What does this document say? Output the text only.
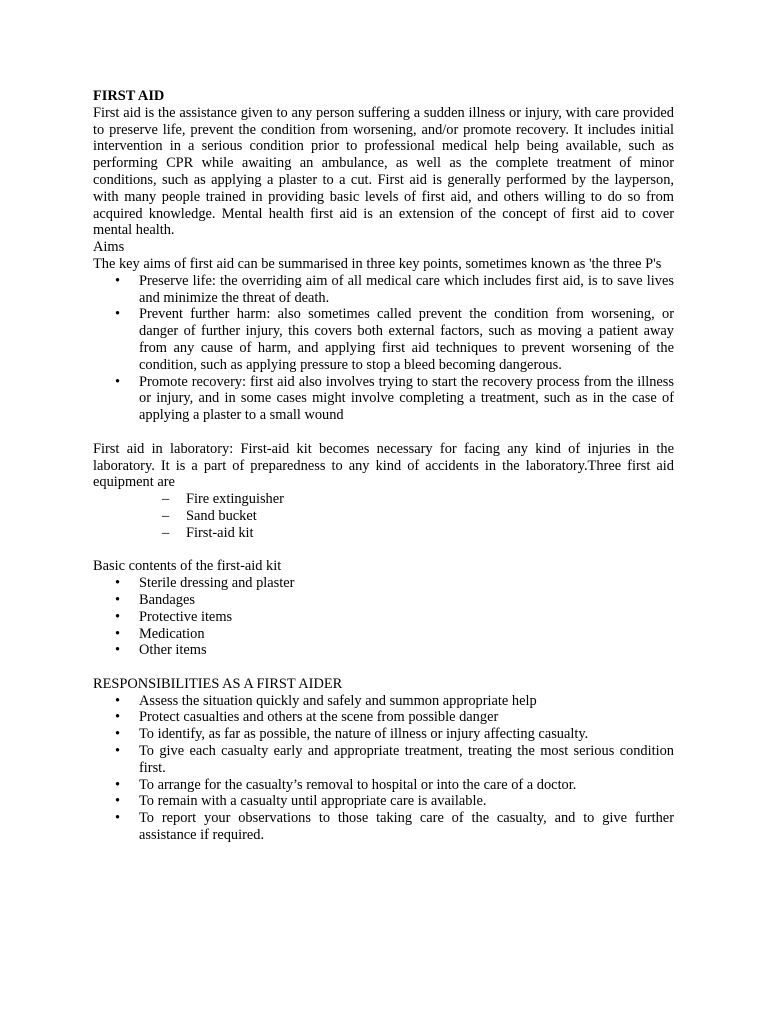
FIRST AID

First aid is the assistance given to any person suffering a sudden illness or injury, with care provided to preserve life, prevent the condition from worsening, and/or promote recovery. It includes initial intervention in a serious condition prior to professional medical help being available, such as performing CPR while awaiting an ambulance, as well as the complete treatment of minor conditions, such as applying a plaster to a cut. First aid is generally performed by the layperson, with many people trained in providing basic levels of first aid, and others willing to do so from acquired knowledge. Mental health first aid is an extension of the concept of first aid to cover mental health.

Aims

The key aims of first aid can be summarised in three key points, sometimes known as 'the three P's

• Preserve life: the overriding aim of all medical care which includes first aid, is to save lives and minimize the threat of death.
• Prevent further harm: also sometimes called prevent the condition from worsening, or danger of further injury, this covers both external factors, such as moving a patient away from any cause of harm, and applying first aid techniques to prevent worsening of the condition, such as applying pressure to stop a bleed becoming dangerous.
• Promote recovery: first aid also involves trying to start the recovery process from the illness or injury, and in some cases might involve completing a treatment, such as in the case of applying a plaster to a small wound

First aid in laboratory: First-aid kit becomes necessary for facing any kind of injuries in the laboratory. It is a part of preparedness to any kind of accidents in the laboratory.Three first aid equipment are

– Fire extinguisher
– Sand bucket
– First-aid kit

Basic contents of the first-aid kit

• Sterile dressing and plaster
• Bandages
• Protective items
• Medication
• Other items

RESPONSIBILITIES AS A FIRST AIDER

• Assess the situation quickly and safely and summon appropriate help
• Protect casualties and others at the scene from possible danger
• To identify, as far as possible, the nature of illness or injury affecting casualty.
• To give each casualty early and appropriate treatment, treating the most serious condition first.
• To arrange for the casualty’s removal to hospital or into the care of a doctor.
• To remain with a casualty until appropriate care is available.
• To report your observations to those taking care of the casualty, and to give further assistance if required.
